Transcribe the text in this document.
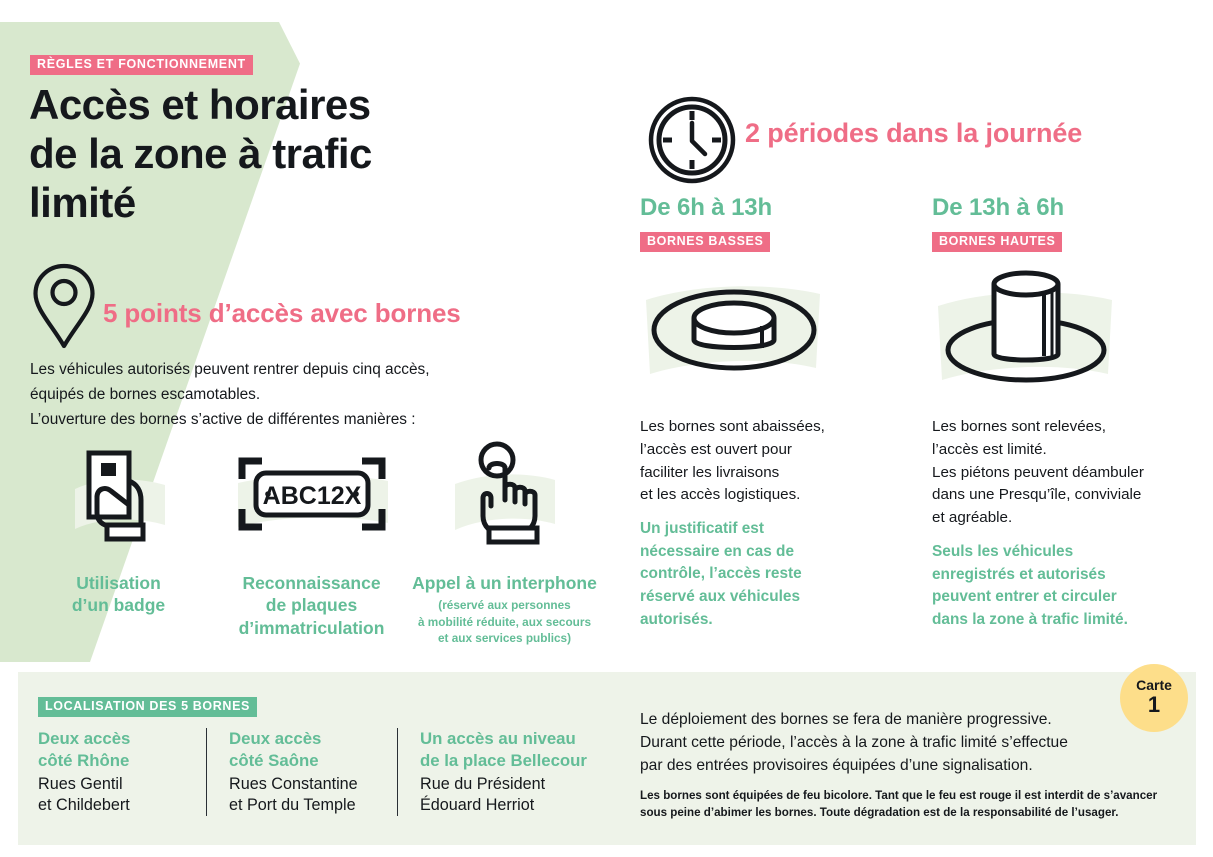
RÈGLES ET FONCTIONNEMENT
Accès et horaires
de la zone à trafic
limité
5 points d’accès avec bornes
Les véhicules autorisés peuvent rentrer depuis cinq accès,
équipés de bornes escamotables.
L’ouverture des bornes s’active de différentes manières :
Utilisation
d’un badge
ABC12X
Reconnaissance
de plaques
d’immatriculation
Appel à un interphone
(réservé aux personnes
à mobilité réduite, aux secours
et aux services publics)
2 périodes dans la journée
De 6h à 13h
BORNES BASSES
Les bornes sont abaissées,
l’accès est ouvert pour
faciliter les livraisons
et les accès logistiques.
Un justificatif est
nécessaire en cas de
contrôle, l’accès reste
réservé aux véhicules
autorisés.
De 13h à 6h
BORNES HAUTES
Les bornes sont relevées,
l’accès est limité.
Les piétons peuvent déambuler
dans une Presqu’île, conviviale
et agréable.
Seuls les véhicules
enregistrés et autorisés
peuvent entrer et circuler
dans la zone à trafic limité.
LOCALISATION DES 5 BORNES
Deux accès
côté Rhône
Rues Gentil
et Childebert
Deux accès
côté Saône
Rues Constantine
et Port du Temple
Un accès au niveau
de la place Bellecour
Rue du Président
Édouard Herriot
Le déploiement des bornes se fera de manière progressive.
Durant cette période, l’accès à la zone à trafic limité s’effectue
par des entrées provisoires équipées d’une signalisation.
Les bornes sont équipées de feu bicolore. Tant que le feu est rouge il est interdit de s’avancer
sous peine d’abimer les bornes. Toute dégradation est de la responsabilité de l’usager.
Carte
1
